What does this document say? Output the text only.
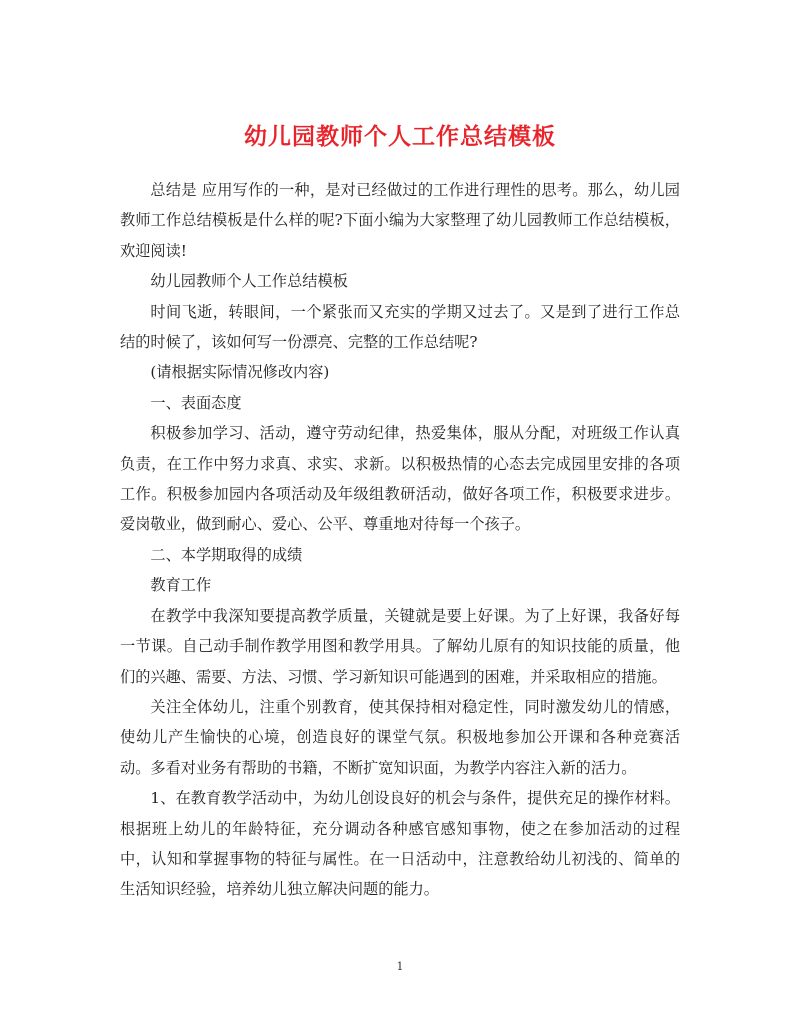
幼儿园教师个人工作总结模板

总结是 应用写作的一种，是对已经做过的工作进行理性的思考。那么，幼儿园教师工作总结模板是什么样的呢?下面小编为大家整理了幼儿园教师工作总结模板，欢迎阅读!

幼儿园教师个人工作总结模板

时间飞逝，转眼间，一个紧张而又充实的学期又过去了。又是到了进行工作总结的时候了，该如何写一份漂亮、完整的工作总结呢?

(请根据实际情况修改内容)

一、表面态度

积极参加学习、活动，遵守劳动纪律，热爱集体，服从分配，对班级工作认真负责，在工作中努力求真、求实、求新。以积极热情的心态去完成园里安排的各项工作。积极参加园内各项活动及年级组教研活动，做好各项工作，积极要求进步。爱岗敬业，做到耐心、爱心、公平、尊重地对待每一个孩子。

二、本学期取得的成绩

教育工作

在教学中我深知要提高教学质量，关键就是要上好课。为了上好课，我备好每一节课。自己动手制作教学用图和教学用具。了解幼儿原有的知识技能的质量，他们的兴趣、需要、方法、习惯、学习新知识可能遇到的困难，并采取相应的措施。

关注全体幼儿，注重个别教育，使其保持相对稳定性，同时激发幼儿的情感，使幼儿产生愉快的心境，创造良好的课堂气氛。积极地参加公开课和各种竞赛活动。多看对业务有帮助的书籍，不断扩宽知识面，为教学内容注入新的活力。

1、在教育教学活动中，为幼儿创设良好的机会与条件，提供充足的操作材料。根据班上幼儿的年龄特征，充分调动各种感官感知事物，使之在参加活动的过程中，认知和掌握事物的特征与属性。在一日活动中，注意教给幼儿初浅的、简单的生活知识经验，培养幼儿独立解决问题的能力。

1
